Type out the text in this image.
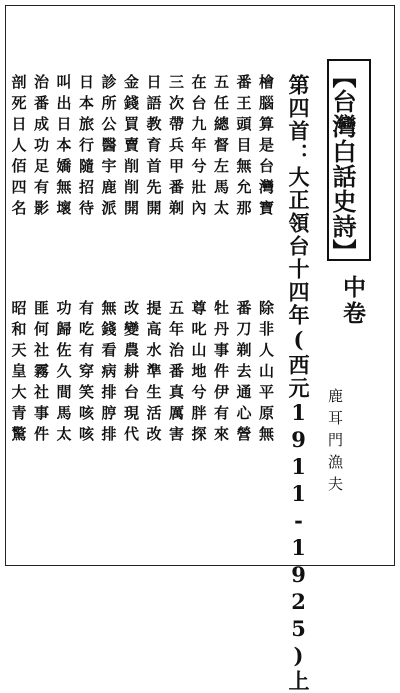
【台灣白話史詩】
中卷
鹿耳門漁夫
第四首：大正領台十四年(西元1911-1925)上
檜腦算是台灣寶
番王頭目無允那
五任總督左馬太
在台九年兮壯內
三次帶兵甲番剃
日語教育首先開
金錢買賣削削開
診所公醫宇鹿派
日本旅行隨招待
叫出日本嬌無壞
治番成功足有影
剖死日人佰四名
除非人山平原無
番刀剃去通心營
牡丹事件伊有來
尊叱山地兮胖探
五年治番真厲害
提高水準生活改
改變農耕台現代
無錢看病排脝排
有吃有穿笑咳咳
功歸佐久間馬太
匪何社霧社事件
昭和天皇大青驚
